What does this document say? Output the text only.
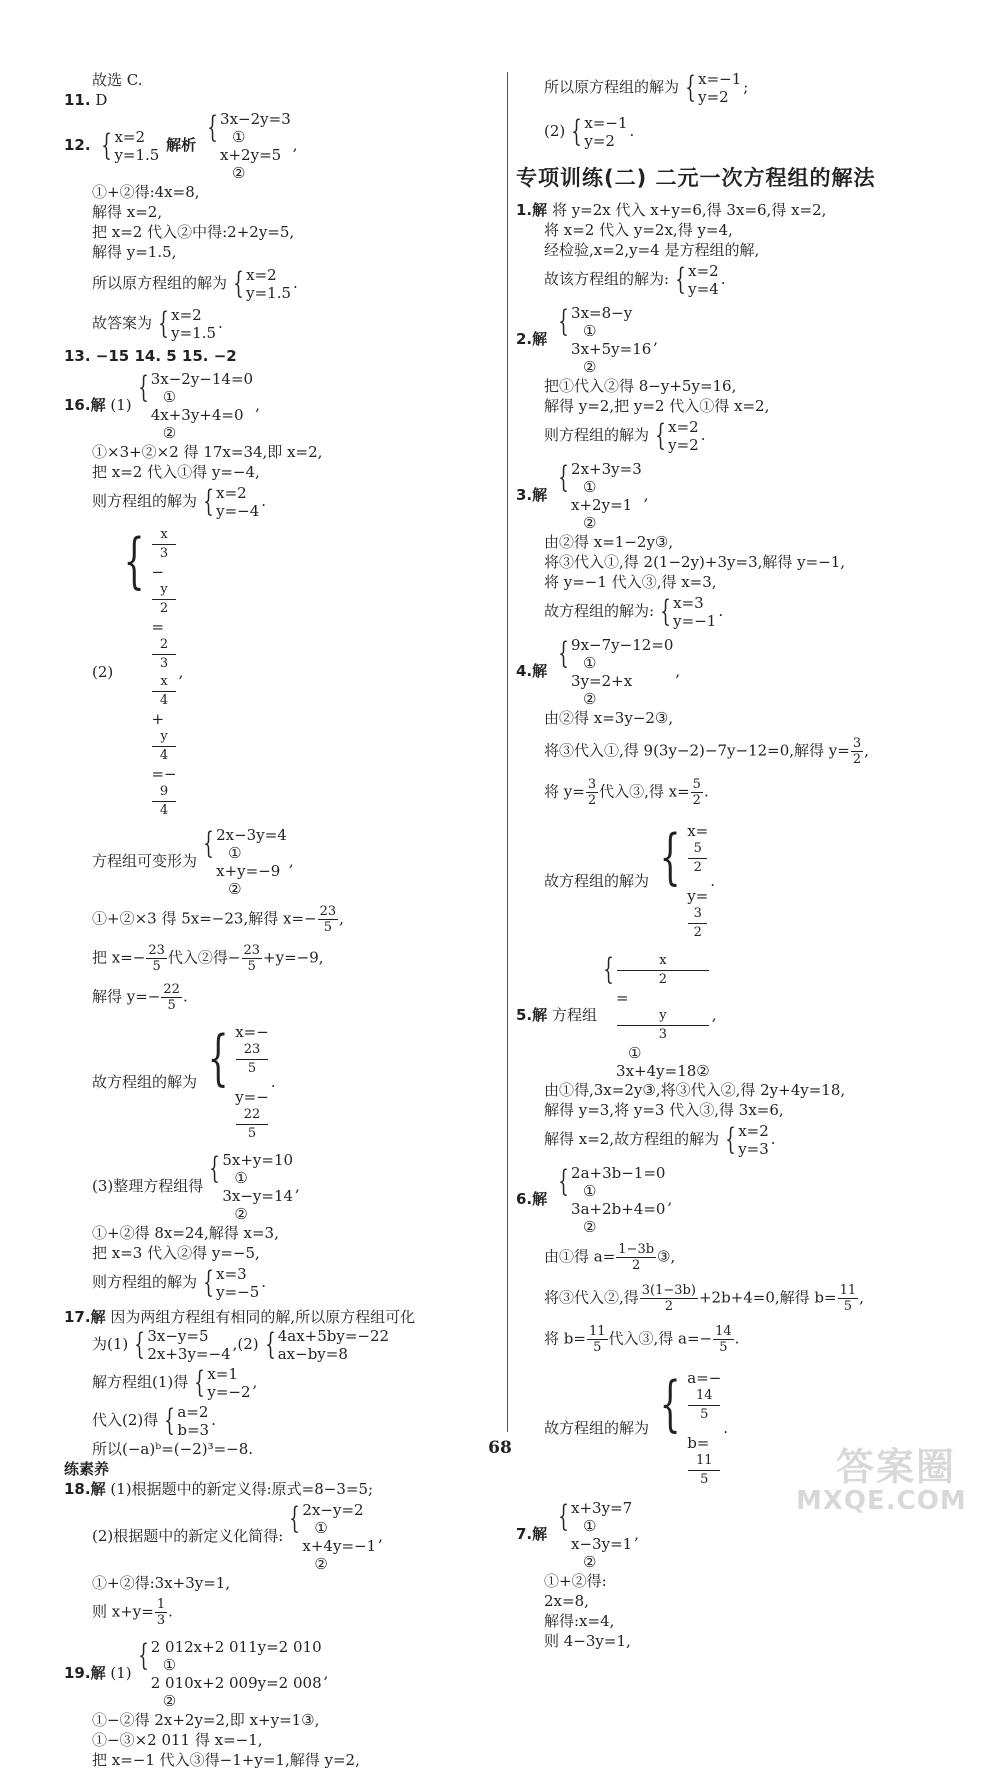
故选 C.
11. D
12. { x=2
y=1.5
解析 { 3x−2y=3
①
x+2y=5
②
,
①+②得:4x=8,
解得 x=2,
把 x=2 代入②中得:2+2y=5,
解得 y=1.5,
所以原方程组的解为 { x=2
y=1.5
.
故答案为 { x=2
y=1.5
.
13. −15 14. 5 15. −2
16.解 (1) { 3x−2y−14=0
①
4x+3y+4=0
②
,
①×3+②×2 得 17x=34,即 x=2,
把 x=2 代入①得 y=−4,
则方程组的解为 { x=2
y=−4
.
(2)
{	x
3
−
y
2
=
2
3
x
4
+
y
4
=−
9
4
,
方程组可变形为 { 2x−3y=4
①
x+y=−9
②
,
①+②×3 得 5x=−23,解得 $x=- \frac{23}{5}$ ,
把 $x=- \frac{23}{5}$ 代入②得− $\frac{23}{5} +y=-9$,
解得 $y=- \frac{22}{5}$ .
故方程组的解为 { x=−
23
5
y=−
22
5
.
(3)整理方程组得 { 5x+y=10
①
3x−y=14
②
,
①+②得 8x=24,解得 x=3,
把 x=3 代入②得 y=−5,
则方程组的解为 { x=3
y=−5
.
17.解 因为两组方程组有相同的解,所以原方程组可化
为(1) { 3x−y=5
2x+3y=−4
,(2) { 4ax+5by=−22
ax−by=8
解方程组(1)得 { x=1
y=−2
,
代入(2)得 { a=2
b=3
.
所以(−a)ᵇ=(−2)³=−8.
练素养
18.解 (1)根据题中的新定义得:原式=8−3=5;
(2)根据题中的新定义化简得: { 2x−y=2
①
x+4y=−1
②
,
①+②得:3x+3y=1,
则 $x+y= \frac{1}{3}$ .
19.解 (1) { 2 012x+2 011y=2 010
①
2 010x+2 009y=2 008
②
,
①−②得 2x+2y=2,即 x+y=1③,
①−③×2 011 得 x=−1,
把 x=−1 代入③得−1+y=1,解得 y=2,
所以原方程组的解为 { x=−1
y=2
;
(2) { x=−1
y=2
.
专项训练(二) 二元一次方程组的解法
1.解 将 y=2x 代入 x+y=6,得 3x=6,得 x=2,
将 x=2 代入 y=2x,得 y=4,
经检验,x=2,y=4 是方程组的解,
故该方程组的解为: { x=2
y=4
.
2.解 { 3x=8−y
①
3x+5y=16
②
,
把①代入②得 8−y+5y=16,
解得 y=2,把 y=2 代入①得 x=2,
则方程组的解为 { x=2
y=2
.
3.解 { 2x+3y=3
①
x+2y=1
②
,
由②得 x=1−2y③,
将③代入①,得 2(1−2y)+3y=3,解得 y=−1,
将 y=−1 代入③,得 x=3,
故方程组的解为: { x=3
y=−1
.
4.解 { 9x−7y−12=0
①
3y=2+x
②
,
由②得 x=3y−2③,
将③代入①,得 9(3y−2)−7y−12=0,解得 $y= \frac{3}{2}$ ,
将 $y= \frac{3}{2}$ 代入③,得 $x= \frac{5}{2}$ .
故方程组的解为 { x=
5
2
y=
3
2
.
5.解 方程组
{	x
2
=
y
3
①
3x+4y=18②
,
由①得,3x=2y③,将③代入②,得 2y+4y=18,
解得 y=3,将 y=3 代入③,得 3x=6,
解得 x=2,故方程组的解为 { x=2
y=3
.
6.解 { 2a+3b−1=0
①
3a+2b+4=0
②
,
由①得 $a= \frac{1-3b}{2}$ ③,
将③代入②,得 $\frac{3(1-3b)}{2} +2b+4=0$,解得 $b= \frac{11}{5}$ ,
将 $b= \frac{11}{5}$ 代入③,得 $a=- \frac{14}{5}$ .
故方程组的解为 { a=−
14
5
b=
11
5
.
7.解 { x+3y=7
①
x−3y=1
②
,
①+②得:
2x=8,
解得:x=4,
则 4−3y=1,
68	答案圈
MXQE.COM
